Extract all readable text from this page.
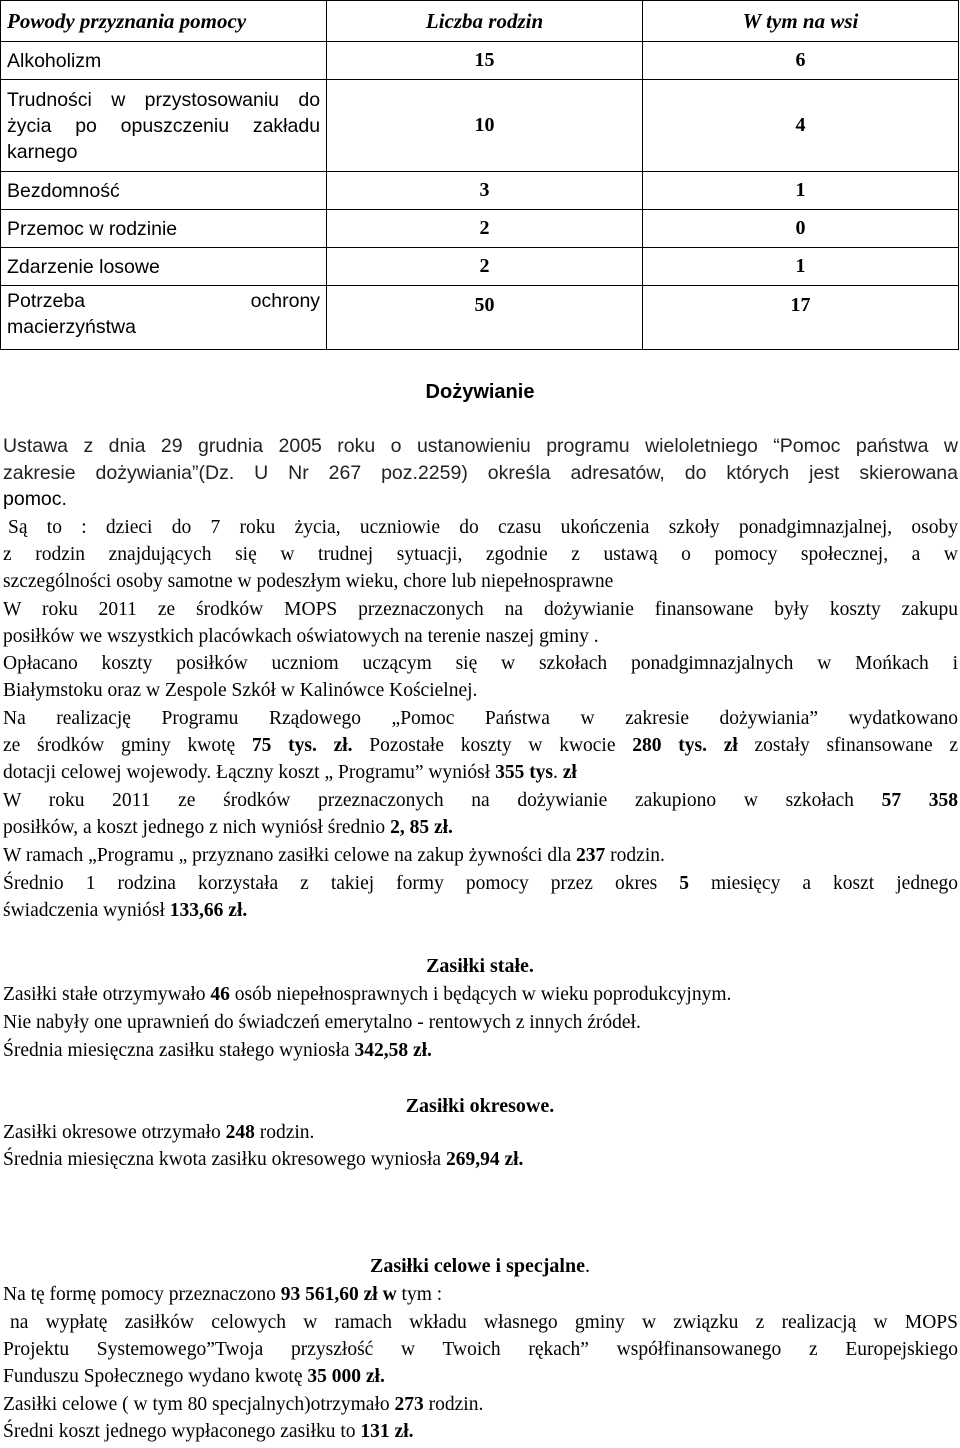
Powody przyznania pomocy	Liczba rodzin	W tym na wsi
Alkoholizm	15	6

Trudności w przystosowaniu do
życia po opuszczeniu zakładu
karnego	10	4
Bezdomność	3	1
Przemoc w rodzinie	2	0
Zdarzenie losowe	2	1

Potrzeba ochrony
macierzyństwa	50	17
Dożywianie
Ustawa z dnia 29 grudnia 2005 roku o ustanowieniu programu wieloletniego “Pomoc państwa w
zakresie dożywiania”(Dz. U Nr 267 poz.2259) określa adresatów, do których jest skierowana
pomoc.
Są to : dzieci do 7 roku życia, uczniowie do czasu ukończenia szkoły ponadgimnazjalnej, osoby
z rodzin znajdujących się w trudnej sytuacji, zgodnie z ustawą o pomocy społecznej, a w
szczególności osoby samotne w podeszłym wieku, chore lub niepełnosprawne
W roku 2011 ze środków MOPS przeznaczonych na dożywianie finansowane były koszty zakupu
posiłków we wszystkich placówkach oświatowych na terenie naszej gminy .
Opłacano koszty posiłków uczniom uczącym się w szkołach ponadgimnazjalnych w Mońkach i
Białymstoku oraz w Zespole Szkół w Kalinówce Kościelnej.
Na realizację Programu Rządowego „Pomoc Państwa w zakresie dożywiania” wydatkowano
ze środków gminy kwotę 75 tys. zł. Pozostałe koszty w kwocie 280 tys. zł zostały sfinansowane z
dotacji celowej wojewody. Łączny koszt „ Programu” wyniósł 355 tys. zł
W roku 2011 ze środków przeznaczonych na dożywianie zakupiono w szkołach 57 358
posiłków, a koszt jednego z nich wyniósł średnio 2, 85 zł.
W ramach „Programu „ przyznano zasiłki celowe na zakup żywności dla 237 rodzin.
Średnio 1 rodzina korzystała z takiej formy pomocy przez okres 5 miesięcy a koszt jednego
świadczenia wyniósł 133,66 zł.
Zasiłki stałe.
Zasiłki stałe otrzymywało 46 osób niepełnosprawnych i będących w wieku poprodukcyjnym.
Nie nabyły one uprawnień do świadczeń emerytalno - rentowych z innych źródeł.
Średnia miesięczna zasiłku stałego wyniosła 342,58 zł.
Zasiłki okresowe.
Zasiłki okresowe otrzymało 248 rodzin.
Średnia miesięczna kwota zasiłku okresowego wyniosła 269,94 zł.
Zasiłki celowe i specjalne.
Na tę formę pomocy przeznaczono 93 561,60 zł w tym :
na wypłatę zasiłków celowych w ramach wkładu własnego gminy w związku z realizacją w MOPS
Projektu Systemowego”Twoja przyszłość w Twoich rękach” współfinansowanego z Europejskiego
Funduszu Społecznego wydano kwotę 35 000 zł.
Zasiłki celowe ( w tym 80 specjalnych)otrzymało 273 rodzin.
Średni koszt jednego wypłaconego zasiłku to 131 zł.
